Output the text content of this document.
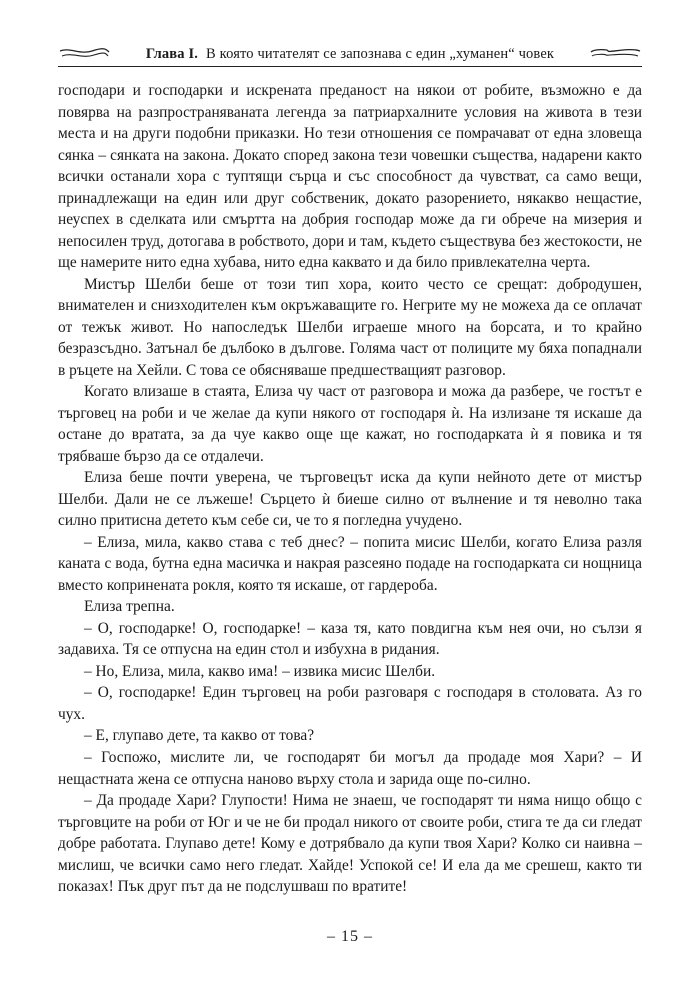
Глава I. В която читателят се запознава с един „хуманен“ човек

господари и господарки и искрената преданост на някои от робите, възможно е да повярва на разпространяваната легенда за патриархалните условия на живота в тези места и на други подобни приказки. Но тези отношения се помрачават от една зловеща сянка – сянката на закона. Докато според закона тези човешки същества, надарени както всички останали хора с туптящи сърца и със способност да чувстват, са само вещи, принадлежащи на един или друг собственик, докато разорението, някакво нещастие, неуспех в сделката или смъртта на добрия господар може да ги обрече на мизерия и непосилен труд, дотогава в робството, дори и там, където съществува без жестокости, не ще намерите нито една хубава, нито една каквато и да било привлекателна черта.

Мистър Шелби беше от този тип хора, които често се срещат: добродушен, внимателен и снизходителен към окръжаващите го. Негрите му не можеха да се оплачат от тежък живот. Но напоследък Шелби играеше много на борсата, и то крайно безразсъдно. Затънал бе дълбоко в дългове. Голяма част от полиците му бяха попаднали в ръцете на Хейли. С това се обясняваше предшестващият разговор.

Когато влизаше в стаята, Елиза чу част от разговора и можа да разбере, че гостът е търговец на роби и че желае да купи някого от господаря ѝ. На излизане тя искаше да остане до вратата, за да чуе какво още ще кажат, но господарката ѝ я повика и тя трябваше бързо да се отдалечи.

Елиза беше почти уверена, че търговецът иска да купи нейното дете от мистър Шелби. Дали не се лъжеше! Сърцето ѝ биеше силно от вълнение и тя неволно така силно притисна детето към себе си, че то я погледна учудено.

– Елиза, мила, какво става с теб днес? – попита мисис Шелби, когато Елиза разля каната с вода, бутна една масичка и накрая разсеяно подаде на господарката си нощница вместо копринената рокля, която тя искаше, от гардероба.

Елиза трепна.

– О, господарке! О, господарке! – каза тя, като повдигна към нея очи, но сълзи я задавиха. Тя се отпусна на един стол и избухна в ридания.

– Но, Елиза, мила, какво има! – извика мисис Шелби.

– О, господарке! Един търговец на роби разговаря с господаря в столовата. Аз го чух.

– Е, глупаво дете, та какво от това?

– Госпожо, мислите ли, че господарят би могъл да продаде моя Хари? – И нещастната жена се отпусна наново върху стола и зарида още по-силно.

– Да продаде Хари? Глупости! Нима не знаеш, че господарят ти няма нищо общо с търговците на роби от Юг и че не би продал никого от своите роби, стига те да си гледат добре работата. Глупаво дете! Кому е дотрябвало да купи твоя Хари? Колко си наивна – мислиш, че всички само него гледат. Хайде! Успокой се! И ела да ме срешеш, както ти показах! Пък друг път да не подслушваш по вратите!

– 15 –
